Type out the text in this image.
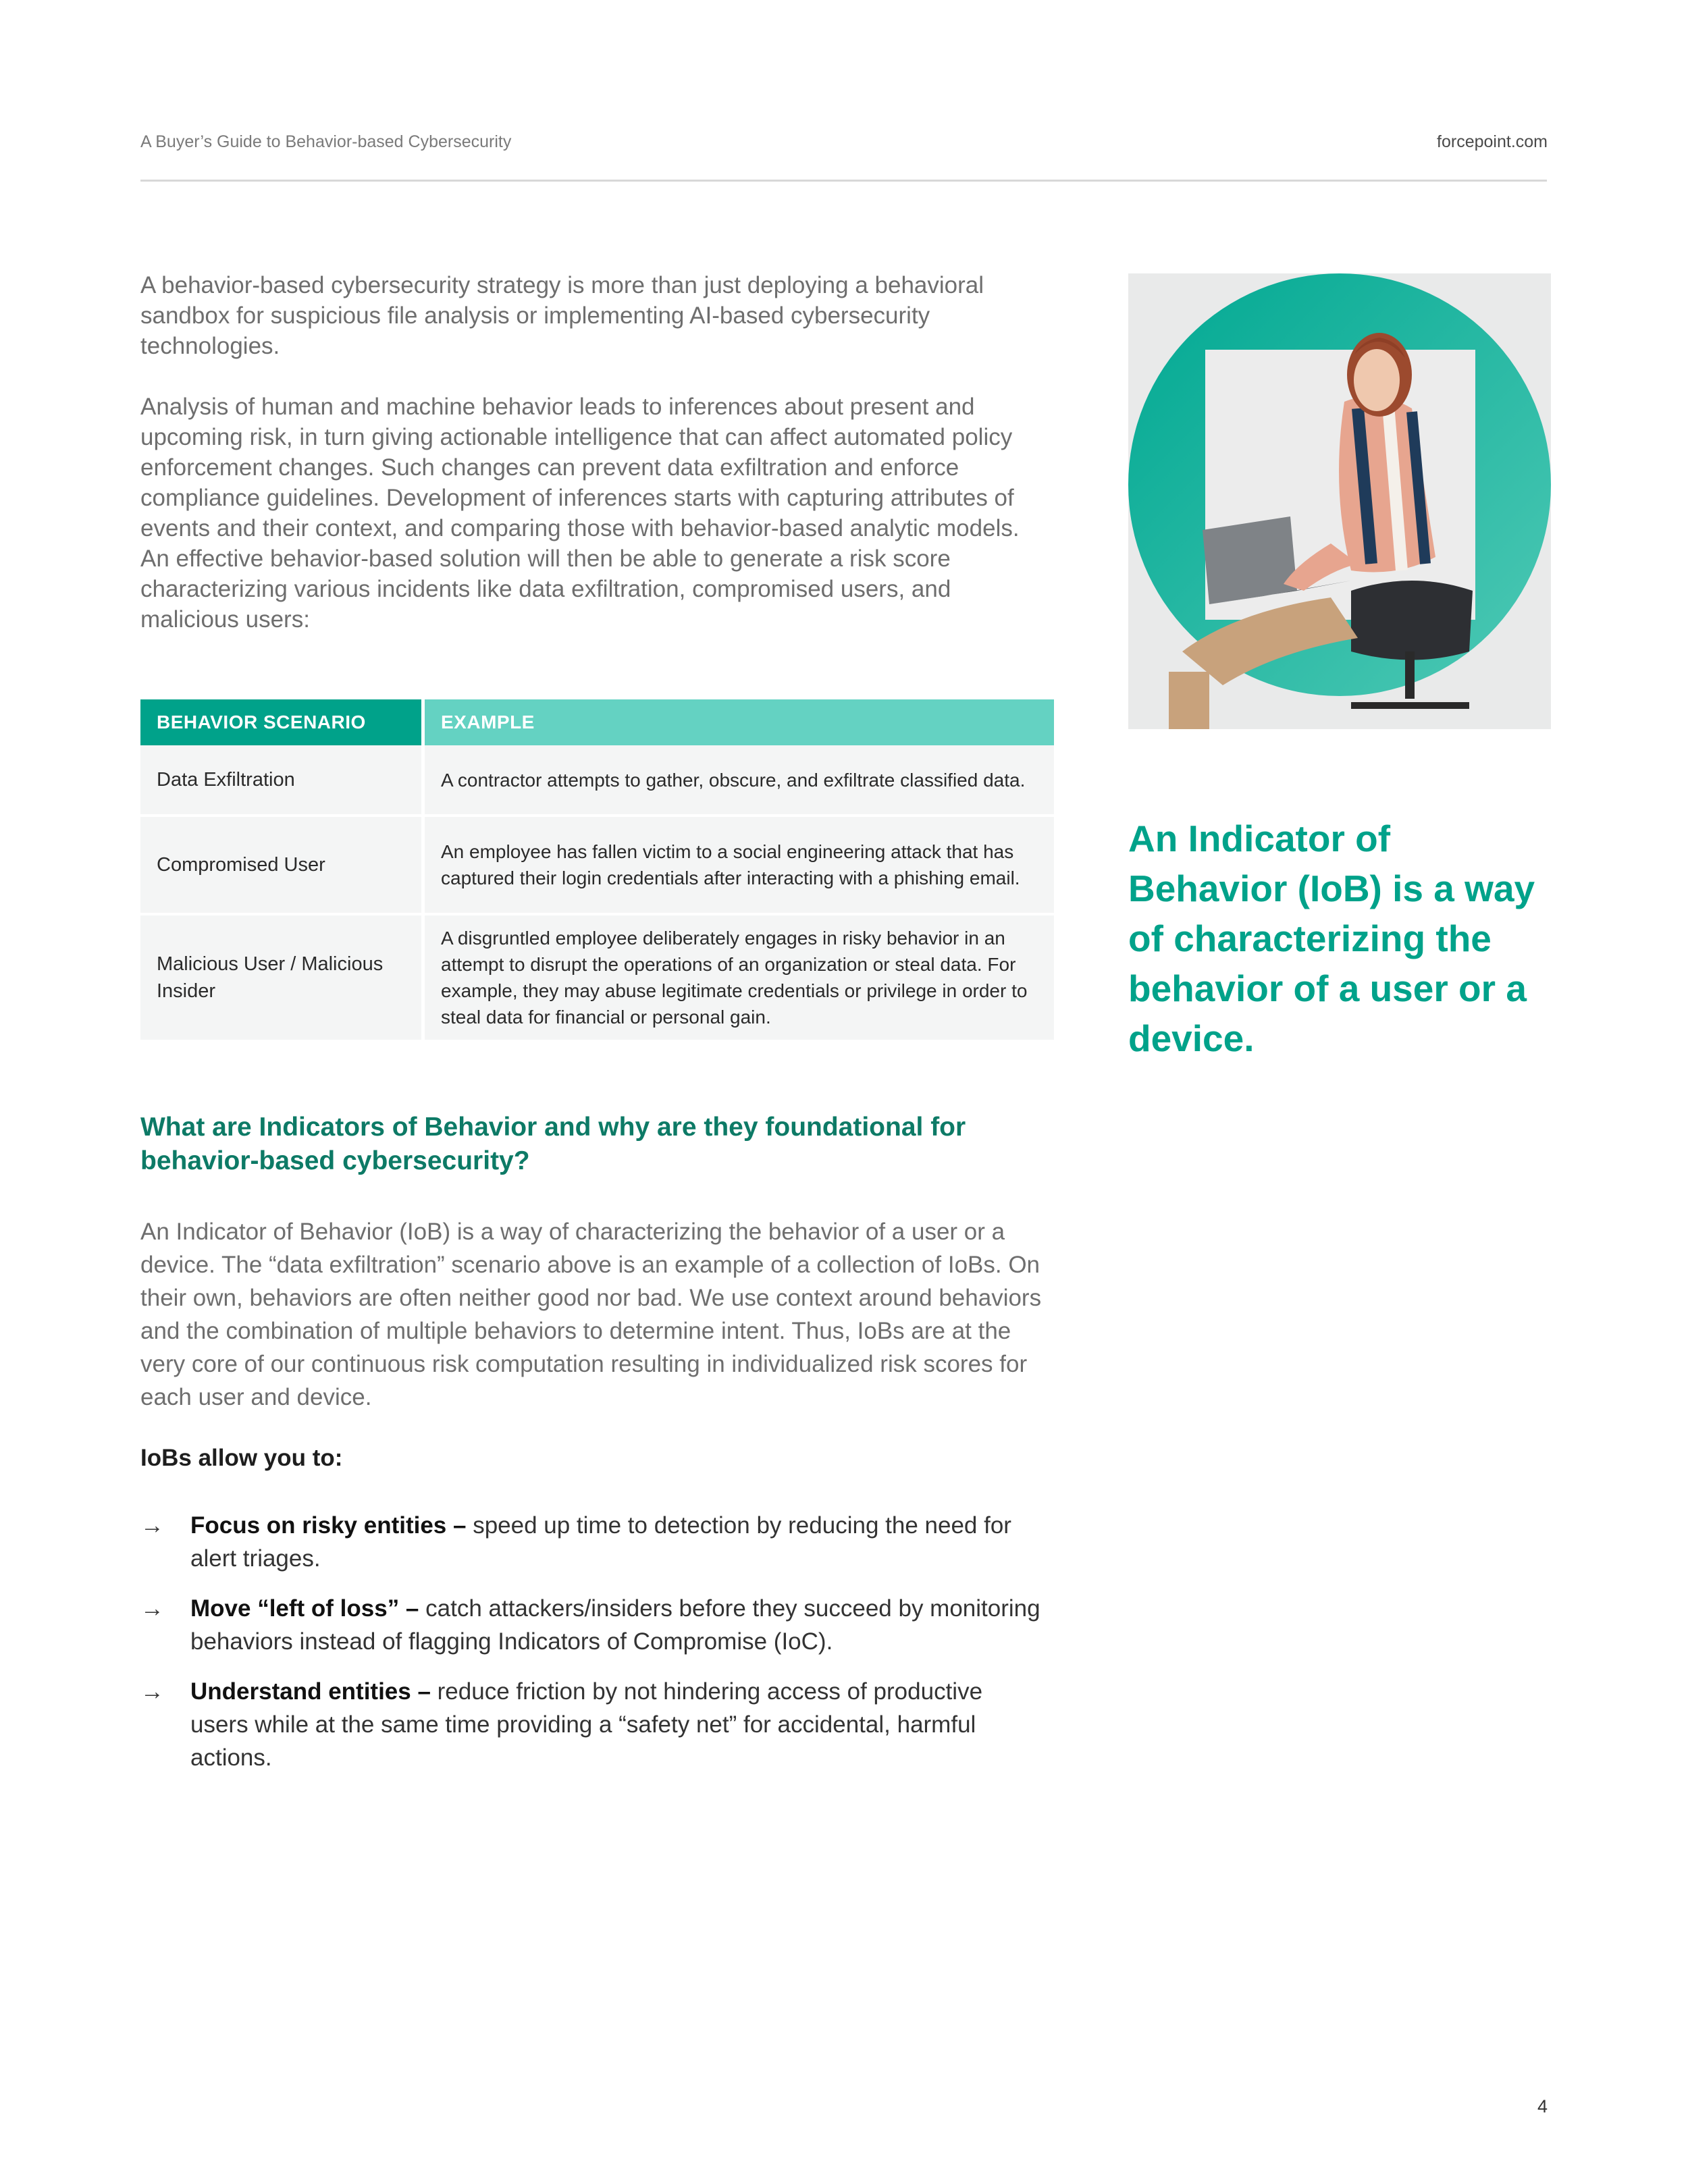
A Buyer’s Guide to Behavior-based Cybersecurity	forcepoint.com

A behavior-based cybersecurity strategy is more than just deploying a behavioral sandbox for suspicious file analysis or implementing AI-based cybersecurity technologies.

Analysis of human and machine behavior leads to inferences about present and upcoming risk, in turn giving actionable intelligence that can affect automated policy enforcement changes. Such changes can prevent data exfiltration and enforce compliance guidelines. Development of inferences starts with capturing attributes of events and their context, and comparing those with behavior-based analytic models. An effective behavior-based solution will then be able to generate a risk score characterizing various incidents like data exfiltration, compromised users, and malicious users:

BEHAVIOR SCENARIO	EXAMPLE
Data Exfiltration	A contractor attempts to gather, obscure, and exfiltrate classified data.
Compromised User	An employee has fallen victim to a social engineering attack that has captured their login credentials after interacting with a phishing email.
Malicious User / Malicious Insider	A disgruntled employee deliberately engages in risky behavior in an attempt to disrupt the operations of an organization or steal data. For example, they may abuse legitimate credentials or privilege in order to steal data for financial or personal gain.
What are Indicators of Behavior and why are they foundational for behavior-based cybersecurity?

An Indicator of Behavior (IoB) is a way of characterizing the behavior of a user or a device. The “data exfiltration” scenario above is an example of a collection of IoBs. On their own, behaviors are often neither good nor bad. We use context around behaviors and the combination of multiple behaviors to determine intent. Thus, IoBs are at the very core of our continuous risk computation resulting in individualized risk scores for each user and device.

IoBs allow you to:
→ Focus on risky entities – speed up time to detection by reducing the need for alert triages.
→ Move “left of loss” – catch attackers/insiders before they succeed by monitoring behaviors instead of flagging Indicators of Compromise (IoC).
→ Understand entities – reduce friction by not hindering access of productive users while at the same time providing a “safety net” for accidental, harmful actions.

An Indicator of Behavior (IoB) is a way of characterizing the behavior of a user or a device.

4
